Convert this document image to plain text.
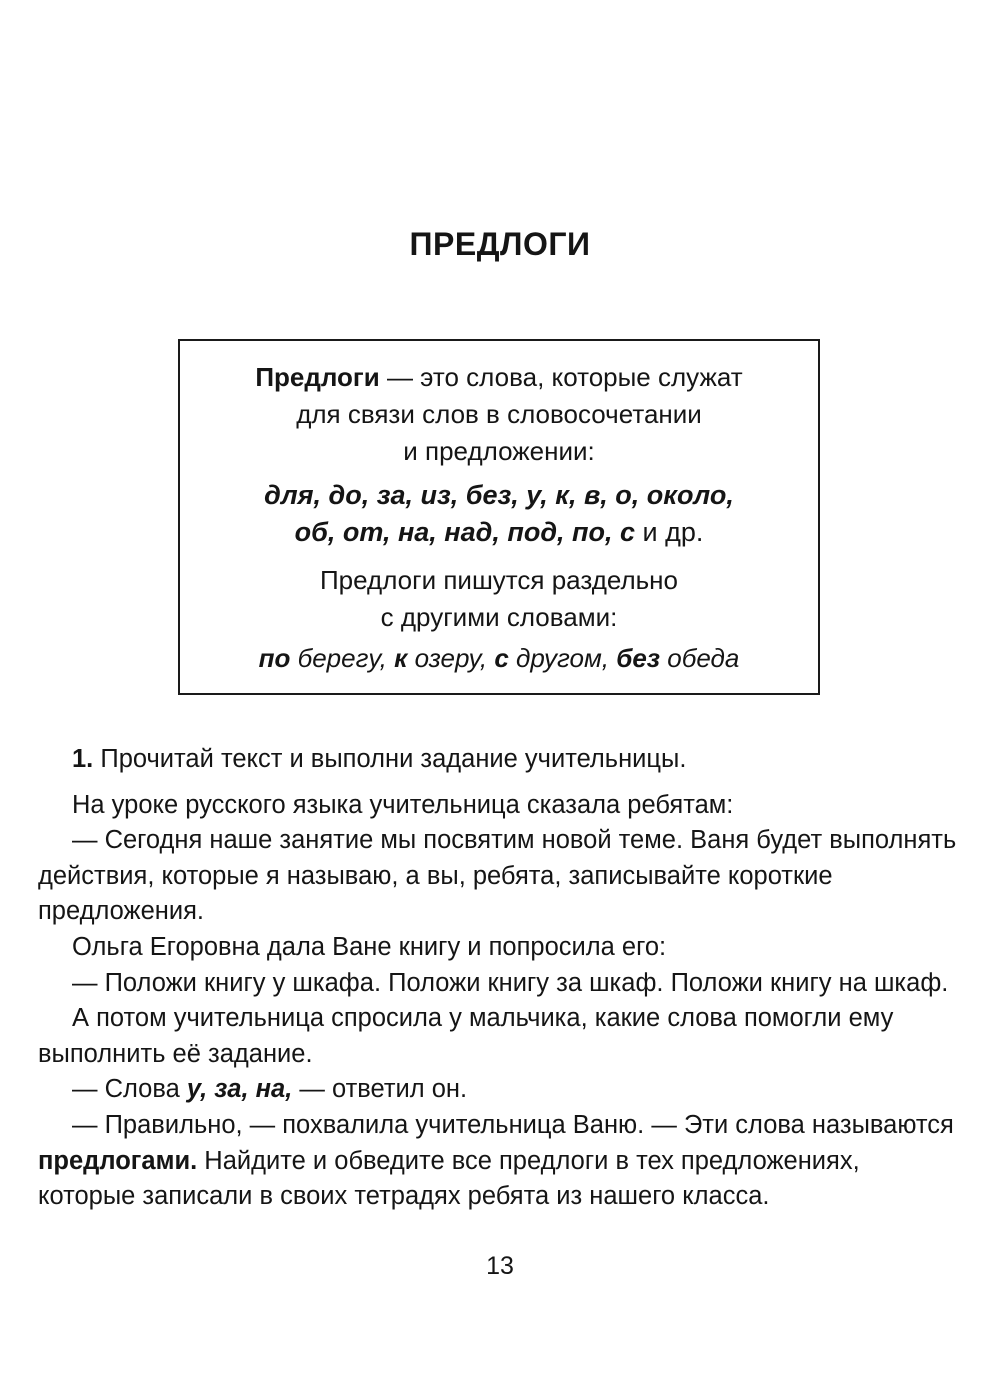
ПРЕДЛОГИ
Предлоги — это слова, которые служат
для связи слов в словосочетании
и предложении:
для, до, за, из, без, у, к, в, о, около,
об, от, на, над, под, по, с и др.
Предлоги пишутся раздельно
с другими словами:
по берегу, к озеру, с другом, без обеда

1. Прочитай текст и выполни задание учительницы.

На уроке русского языка учительница сказала ребятам:

— Сегодня наше занятие мы посвятим новой теме. Ваня будет выполнять действия, которые я называю, а вы, ребята, записывайте короткие предложения.

Ольга Егоровна дала Ване книгу и попросила его:

— Положи книгу у шкафа. Положи книгу за шкаф. Положи книгу на шкаф.

А потом учительница спросила у мальчика, какие слова помогли ему выполнить её задание.

— Слова у, за, на, — ответил он.

— Правильно, — похвалила учительница Ваню. — Эти слова называются предлогами. Найдите и обведите все предлоги в тех предложениях, которые записали в своих тетрадях ребята из нашего класса.

13
